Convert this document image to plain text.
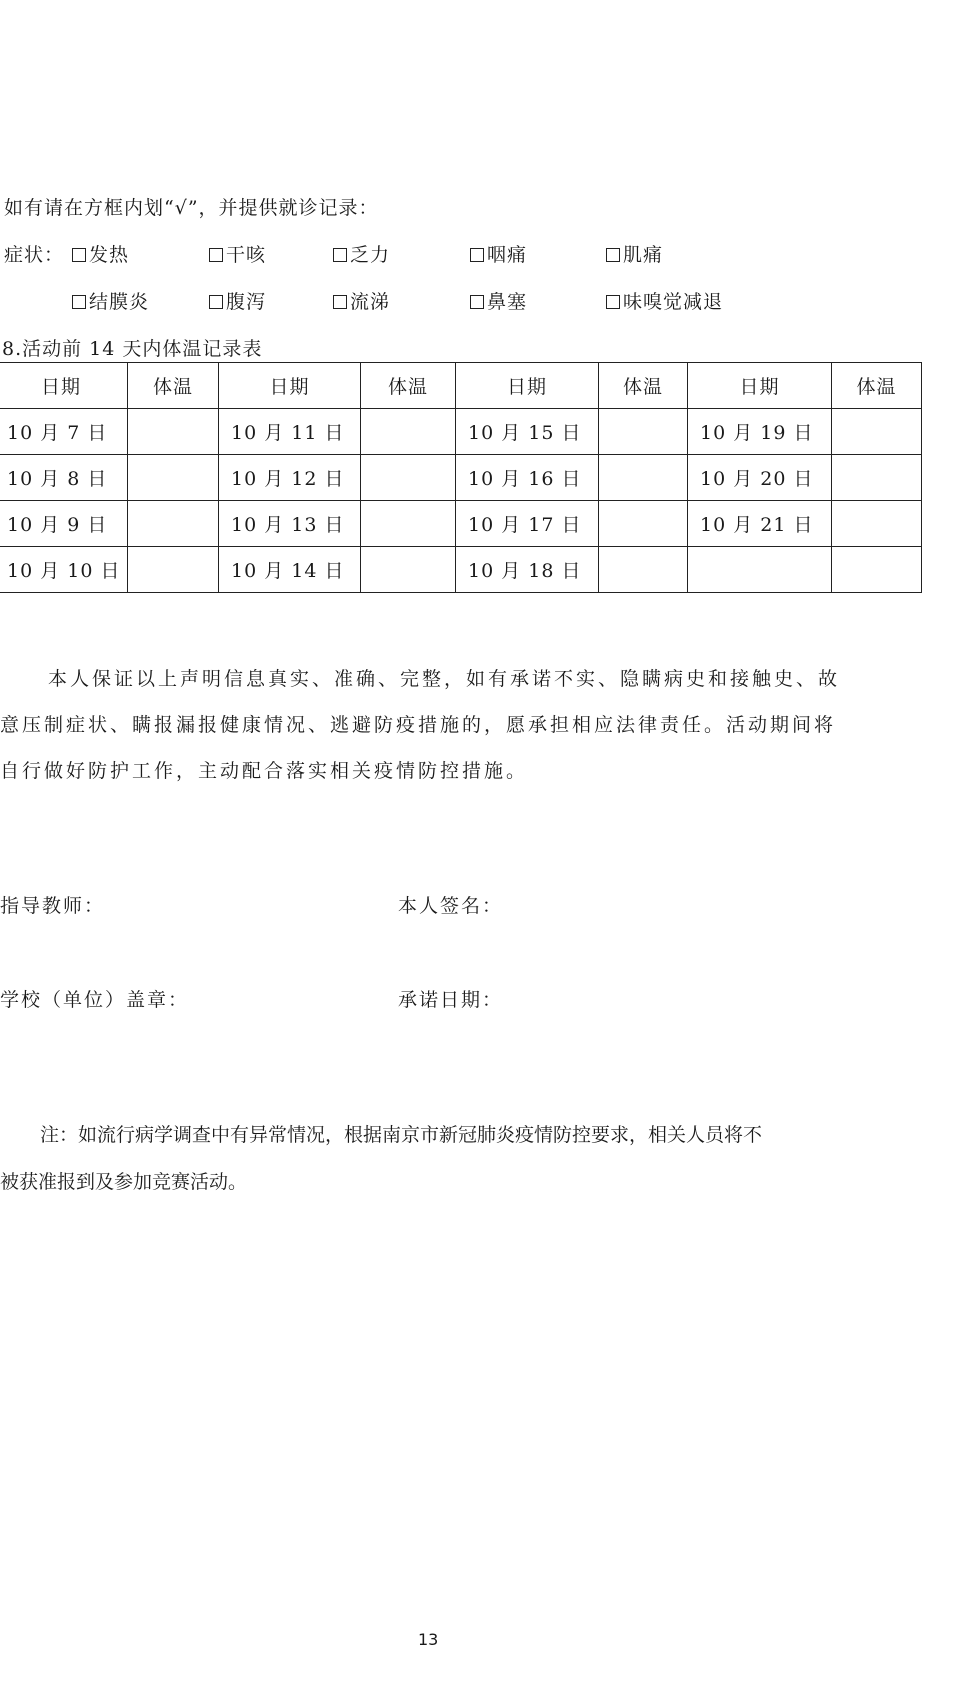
如有请在方框内划“√”，并提供就诊记录：
症状：	发热	干咳	乏力	咽痛	肌痛
结膜炎	腹泻	流涕	鼻塞	味嗅觉减退
8.活动前 14 天内体温记录表
日期	体温	日期	体温	日期	体温	日期	体温
10 月 7 日		10 月 11 日		10 月 15 日		10 月 19 日	
10 月 8 日		10 月 12 日		10 月 16 日		10 月 20 日	
10 月 9 日		10 月 13 日		10 月 17 日		10 月 21 日	
10 月 10 日		10 月 14 日		10 月 18 日			
本人保证以上声明信息真实、准确、完整，如有承诺不实、隐瞒病史和接触史、故
意压制症状、瞒报漏报健康情况、逃避防疫措施的，愿承担相应法律责任。活动期间将
自行做好防护工作，主动配合落实相关疫情防控措施。
指导教师：	本人签名：
学校（单位）盖章：	承诺日期：
注：如流行病学调查中有异常情况，根据南京市新冠肺炎疫情防控要求，相关人员将不
被获准报到及参加竞赛活动。
13
